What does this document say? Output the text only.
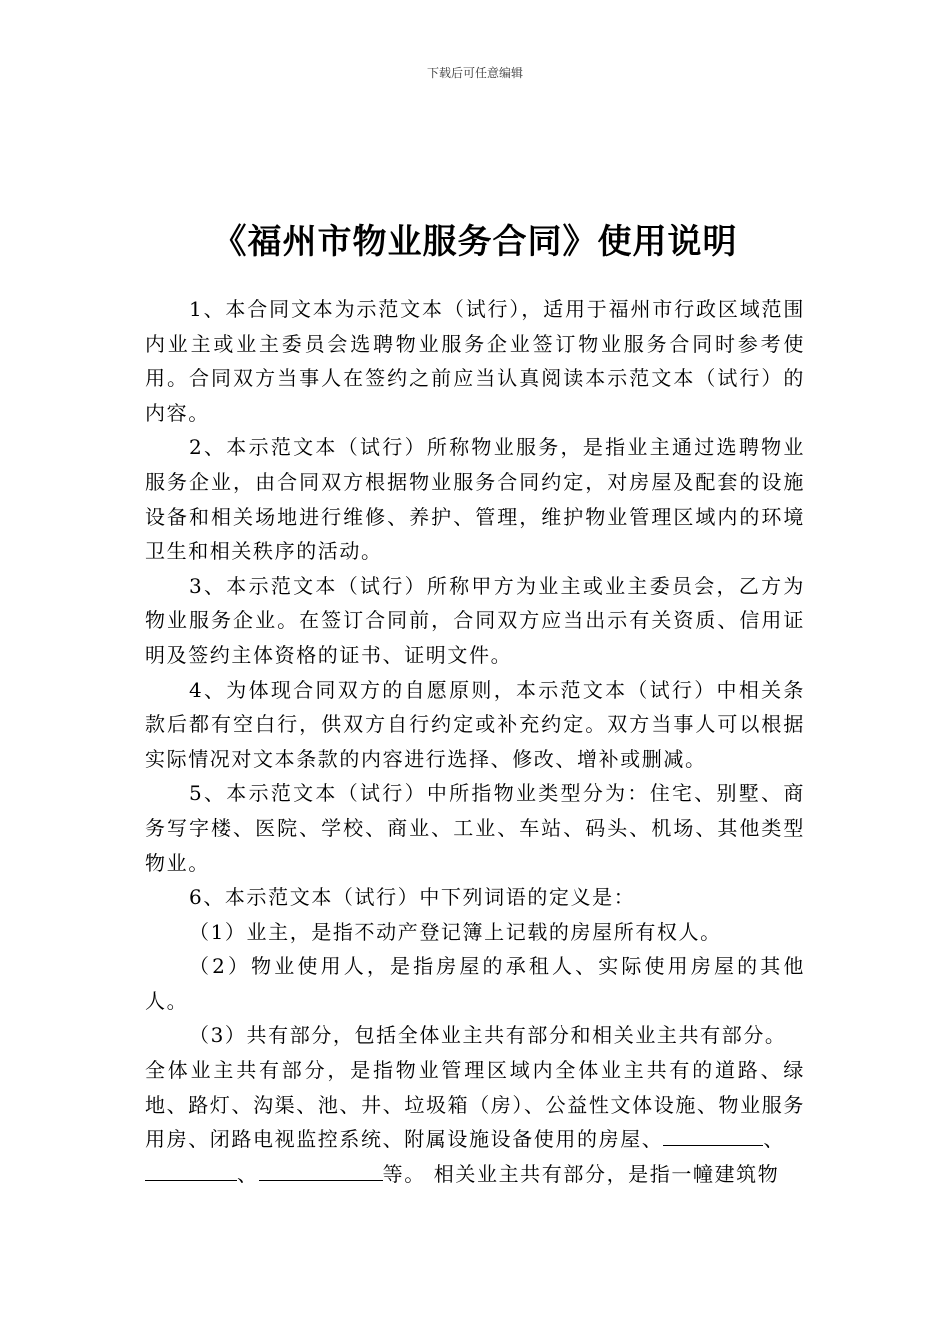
下载后可任意编辑
《福州市物业服务合同》使用说明

1、本合同文本为示范文本（试行），适用于福州市行政区域范围内业主或业主委员会选聘物业服务企业签订物业服务合同时参考使用。合同双方当事人在签约之前应当认真阅读本示范文本（试行）的内容。

2、本示范文本（试行）所称物业服务，是指业主通过选聘物业服务企业，由合同双方根据物业服务合同约定，对房屋及配套的设施设备和相关场地进行维修、养护、管理，维护物业管理区域内的环境卫生和相关秩序的活动。

3、本示范文本（试行）所称甲方为业主或业主委员会，乙方为物业服务企业。在签订合同前，合同双方应当出示有关资质、信用证明及签约主体资格的证书、证明文件。

4、为体现合同双方的自愿原则，本示范文本（试行）中相关条款后都有空白行，供双方自行约定或补充约定。双方当事人可以根据实际情况对文本条款的内容进行选择、修改、增补或删减。

5、本示范文本（试行）中所指物业类型分为：住宅、别墅、商务写字楼、医院、学校、商业、工业、车站、码头、机场、其他类型物业。

6、本示范文本（试行）中下列词语的定义是：

（1）业主，是指不动产登记簿上记载的房屋所有权人。

（2）物业使用人，是指房屋的承租人、实际使用房屋的其他人。

（3）共有部分，包括全体业主共有部分和相关业主共有部分。

全体业主共有部分，是指物业管理区域内全体业主共有的道路、绿地、路灯、沟渠、池、井、垃圾箱（房）、公益性文体设施、物业服务用房、闭路电视监控系统、附属设施设备使用的房屋、	、
、	等。 相关业主共有部分，是指一幢建筑物
